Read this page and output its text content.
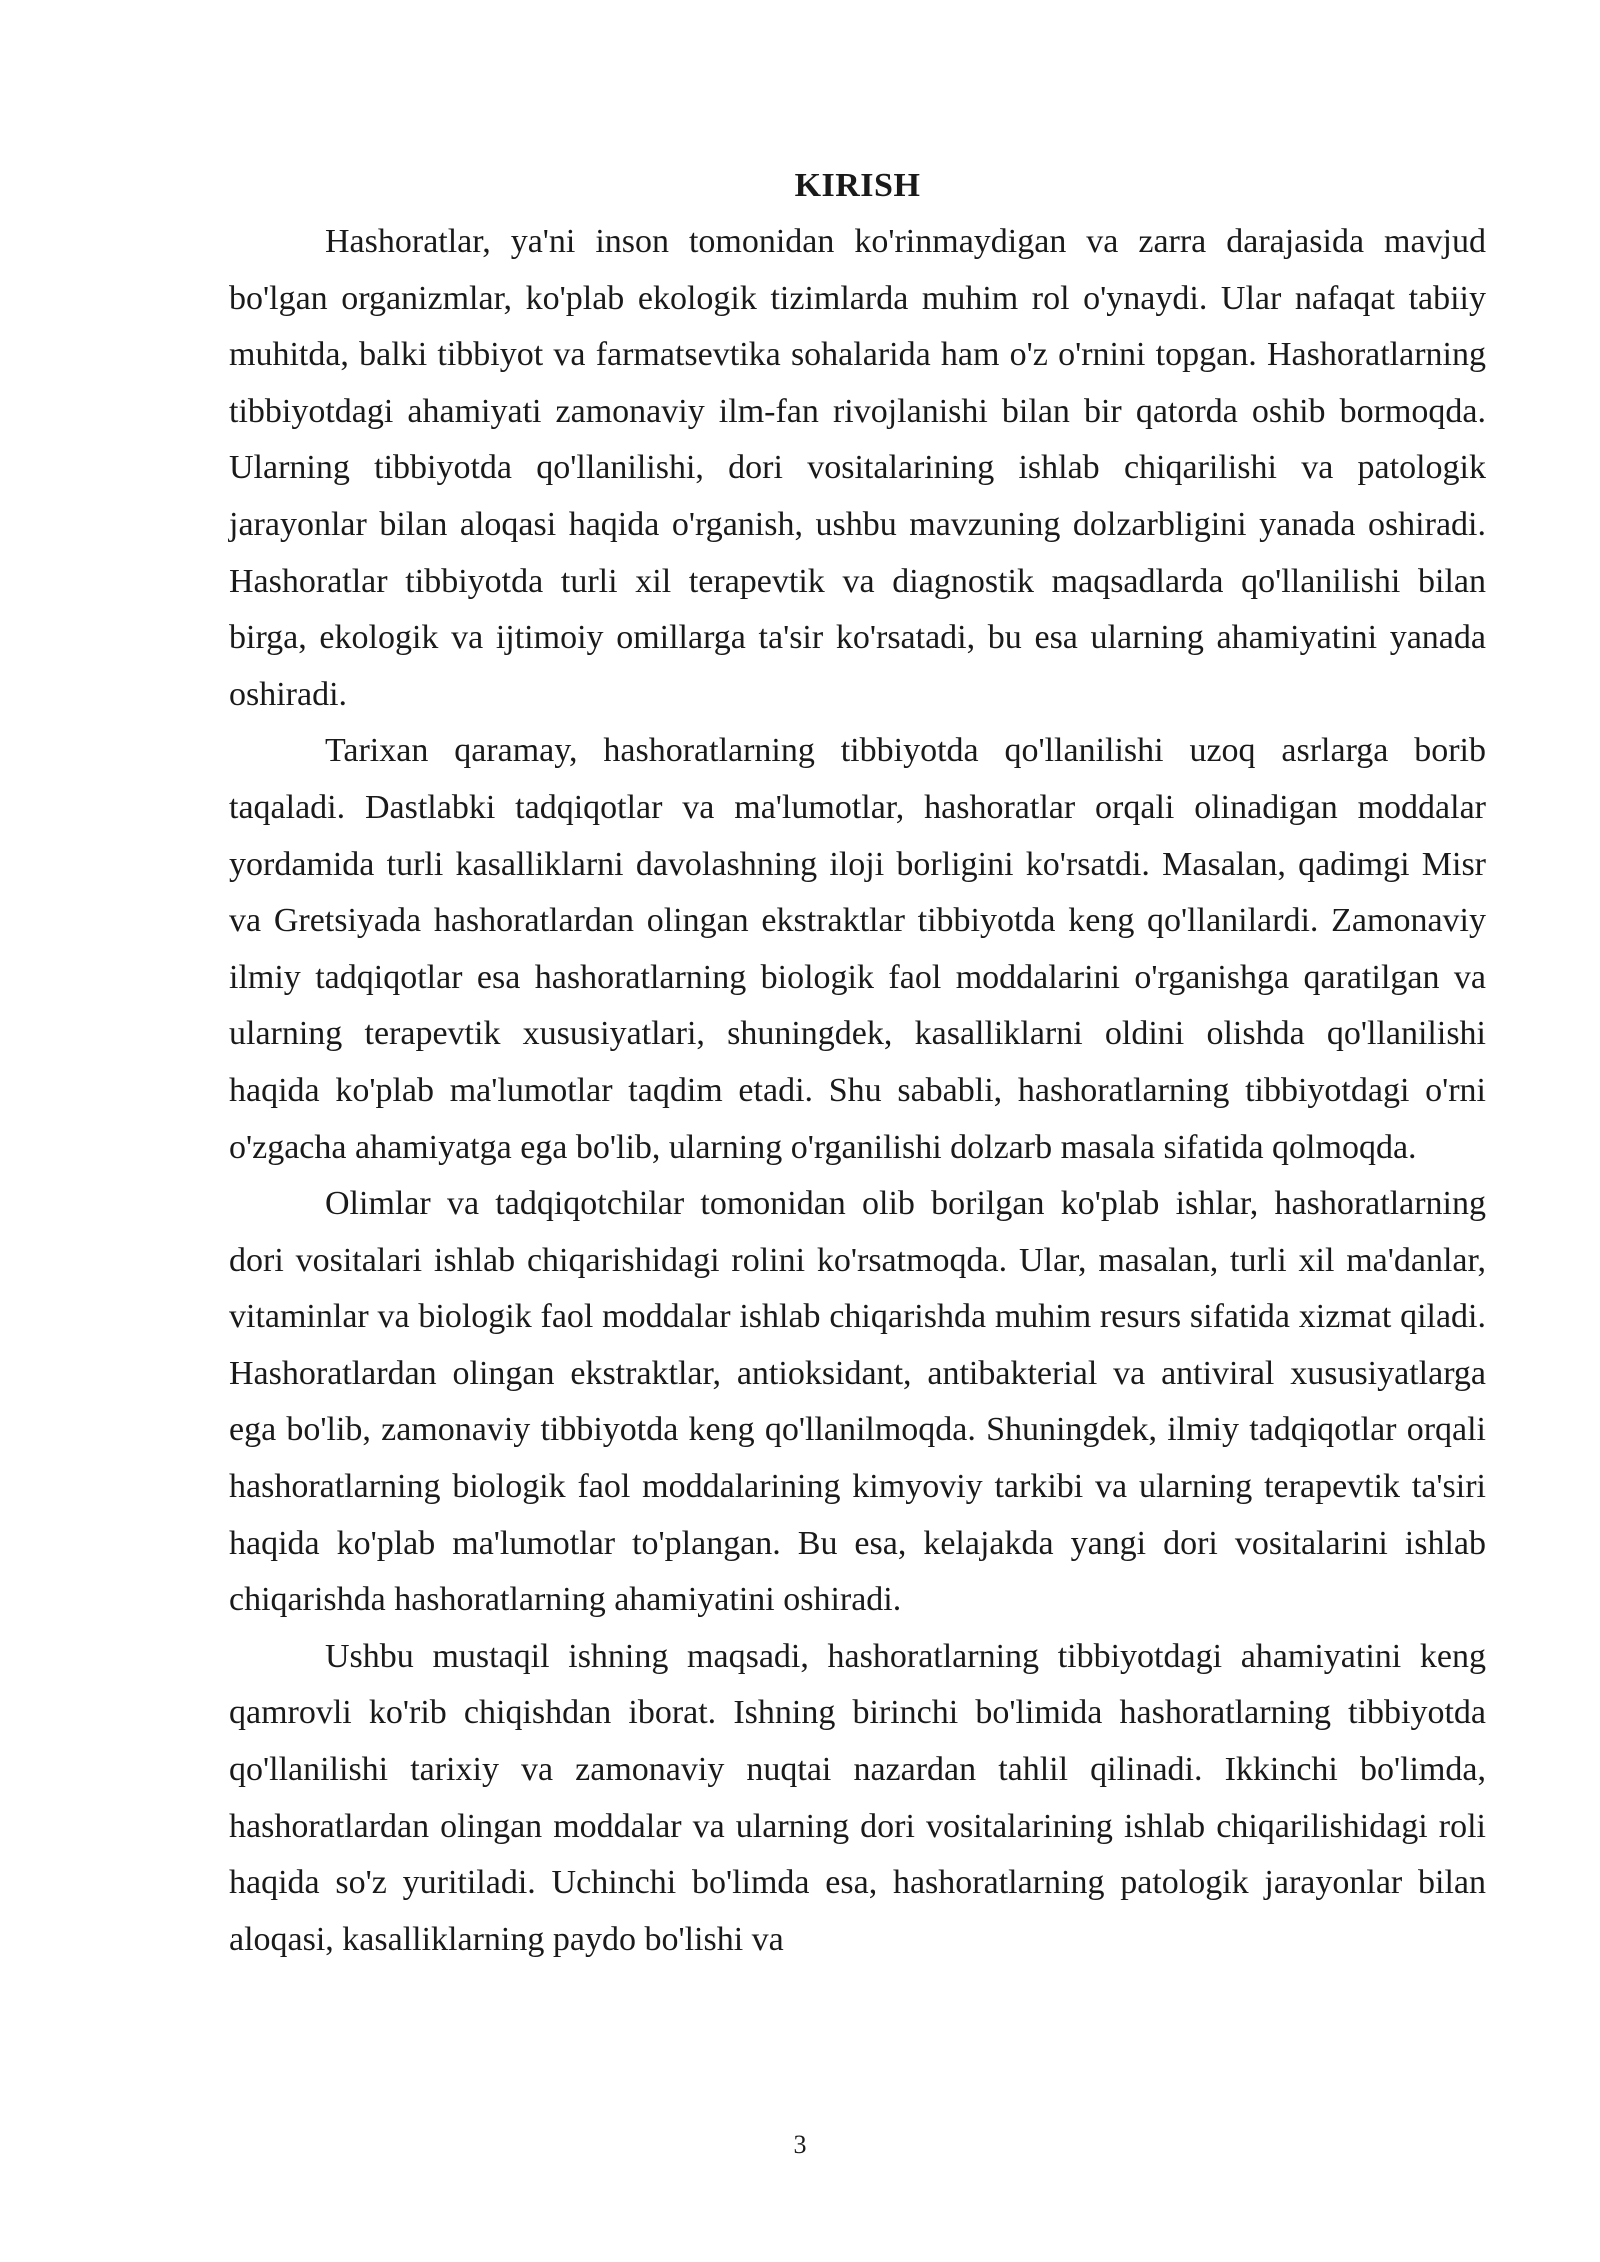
KIRISH

Hashoratlar, ya'ni inson tomonidan ko'rinmaydigan va zarra darajasida mavjud bo'lgan organizmlar, ko'plab ekologik tizimlarda muhim rol o'ynaydi. Ular nafaqat tabiiy muhitda, balki tibbiyot va farmatsevtika sohalarida ham o'z o'rnini topgan. Hashoratlarning tibbiyotdagi ahamiyati zamonaviy ilm-fan rivojlanishi bilan bir qatorda oshib bormoqda. Ularning tibbiyotda qo'llanilishi, dori vositalarining ishlab chiqarilishi va patologik jarayonlar bilan aloqasi haqida o'rganish, ushbu mavzuning dolzarbligini yanada oshiradi. Hashoratlar tibbiyotda turli xil terapevtik va diagnostik maqsadlarda qo'llanilishi bilan birga, ekologik va ijtimoiy omillarga ta'sir ko'rsatadi, bu esa ularning ahamiyatini yanada oshiradi.

Tarixan qaramay, hashoratlarning tibbiyotda qo'llanilishi uzoq asrlarga borib taqaladi. Dastlabki tadqiqotlar va ma'lumotlar, hashoratlar orqali olinadigan moddalar yordamida turli kasalliklarni davolashning iloji borligini ko'rsatdi. Masalan, qadimgi Misr va Gretsiyada hashoratlardan olingan ekstraktlar tibbiyotda keng qo'llanilardi. Zamonaviy ilmiy tadqiqotlar esa hashoratlarning biologik faol moddalarini o'rganishga qaratilgan va ularning terapevtik xususiyatlari, shuningdek, kasalliklarni oldini olishda qo'llanilishi haqida ko'plab ma'lumotlar taqdim etadi. Shu sababli, hashoratlarning tibbiyotdagi o'rni o'zgacha ahamiyatga ega bo'lib, ularning o'rganilishi dolzarb masala sifatida qolmoqda.

Olimlar va tadqiqotchilar tomonidan olib borilgan ko'plab ishlar, hashoratlarning dori vositalari ishlab chiqarishidagi rolini ko'rsatmoqda. Ular, masalan, turli xil ma'danlar, vitaminlar va biologik faol moddalar ishlab chiqarishda muhim resurs sifatida xizmat qiladi. Hashoratlardan olingan ekstraktlar, antioksidant, antibakterial va antiviral xususiyatlarga ega bo'lib, zamonaviy tibbiyotda keng qo'llanilmoqda. Shuningdek, ilmiy tadqiqotlar orqali hashoratlarning biologik faol moddalarining kimyoviy tarkibi va ularning terapevtik ta'siri haqida ko'plab ma'lumotlar to'plangan. Bu esa, kelajakda yangi dori vositalarini ishlab chiqarishda hashoratlarning ahamiyatini oshiradi.

Ushbu mustaqil ishning maqsadi, hashoratlarning tibbiyotdagi ahamiyatini keng qamrovli ko'rib chiqishdan iborat. Ishning birinchi bo'limida hashoratlarning tibbiyotda qo'llanilishi tarixiy va zamonaviy nuqtai nazardan tahlil qilinadi. Ikkinchi bo'limda, hashoratlardan olingan moddalar va ularning dori vositalarining ishlab chiqarilishidagi roli haqida so'z yuritiladi. Uchinchi bo'limda esa, hashoratlarning patologik jarayonlar bilan aloqasi, kasalliklarning paydo bo'lishi va

3
